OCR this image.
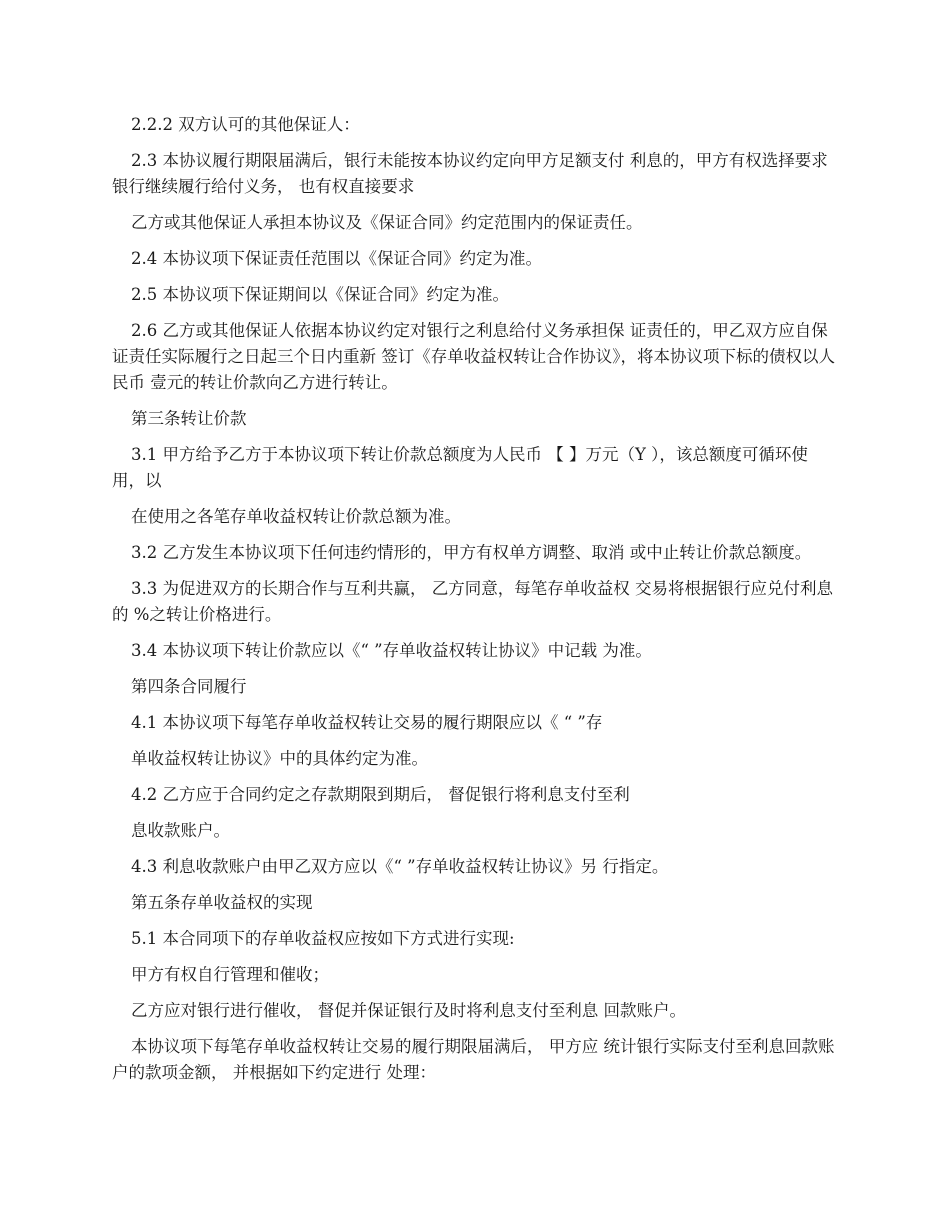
2.2.2 双方认可的其他保证人：

2.3 本协议履行期限届满后，银行未能按本协议约定向甲方足额支付 利息的，甲方有权选择要求银行继续履行给付义务， 也有权直接要求

乙方或其他保证人承担本协议及《保证合同》约定范围内的保证责任。

2.4 本协议项下保证责任范围以《保证合同》约定为准。

2.5 本协议项下保证期间以《保证合同》约定为准。

2.6 乙方或其他保证人依据本协议约定对银行之利息给付义务承担保 证责任的，甲乙双方应自保证责任实际履行之日起三个日内重新 签订《存单收益权转让合作协议》，将本协议项下标的债权以人民币 壹元的转让价款向乙方进行转让。

第三条转让价款

3.1 甲方给予乙方于本协议项下转让价款总额度为人民币 【 】万元（Y ），该总额度可循环使用，以

在使用之各笔存单收益权转让价款总额为准。

3.2 乙方发生本协议项下任何违约情形的，甲方有权单方调整、取消 或中止转让价款总额度。

3.3 为促进双方的长期合作与互利共赢， 乙方同意，每笔存单收益权 交易将根据银行应兑付利息的 %之转让价格进行。

3.4 本协议项下转让价款应以《“ ”存单收益权转让协议》中记载 为准。

第四条合同履行

4.1 本协议项下每笔存单收益权转让交易的履行期限应以《 “ ”存

单收益权转让协议》中的具体约定为准。

4.2 乙方应于合同约定之存款期限到期后， 督促银行将利息支付至利

息收款账户。

4.3 利息收款账户由甲乙双方应以《“ ”存单收益权转让协议》另 行指定。

第五条存单收益权的实现

5.1 本合同项下的存单收益权应按如下方式进行实现:

甲方有权自行管理和催收；

乙方应对银行进行催收， 督促并保证银行及时将利息支付至利息 回款账户。

本协议项下每笔存单收益权转让交易的履行期限届满后， 甲方应 统计银行实际支付至利息回款账户的款项金额， 并根据如下约定进行 处理：
